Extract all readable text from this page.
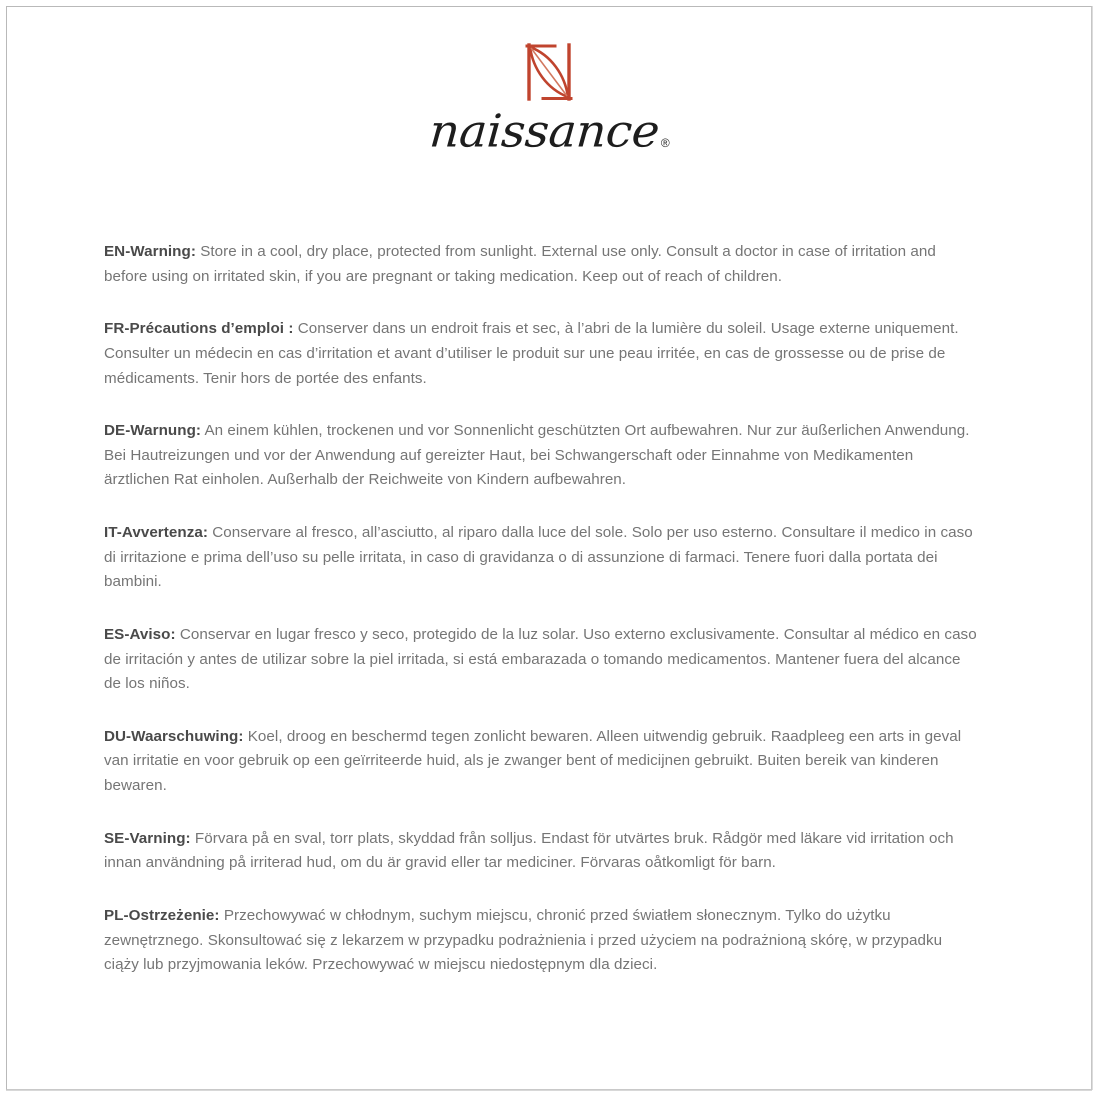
naissance ®

EN-Warning: Store in a cool, dry place, protected from sunlight. External use only. Consult a doctor in case of irritation and before using on irritated skin, if you are pregnant or taking medication. Keep out of reach of children.

FR-Précautions d’emploi : Conserver dans un endroit frais et sec, à l’abri de la lumière du soleil. Usage externe uniquement. Consulter un médecin en cas d’irritation et avant d’utiliser le produit sur une peau irritée, en cas de grossesse ou de prise de médicaments. Tenir hors de portée des enfants.

DE-Warnung: An einem kühlen, trockenen und vor Sonnenlicht geschützten Ort aufbewahren. Nur zur äußerlichen Anwendung. Bei Hautreizungen und vor der Anwendung auf gereizter Haut, bei Schwangerschaft oder Einnahme von Medikamenten ärztlichen Rat einholen. Außerhalb der Reichweite von Kindern aufbewahren.

IT-Avvertenza: Conservare al fresco, all’asciutto, al riparo dalla luce del sole. Solo per uso esterno. Consultare il medico in caso di irritazione e prima dell’uso su pelle irritata, in caso di gravidanza o di assunzione di farmaci. Tenere fuori dalla portata dei bambini.

ES-Aviso: Conservar en lugar fresco y seco, protegido de la luz solar. Uso externo exclusivamente. Consultar al médico en caso de irritación y antes de utilizar sobre la piel irritada, si está embarazada o tomando medicamentos. Mantener fuera del alcance de los niños.

DU-Waarschuwing: Koel, droog en beschermd tegen zonlicht bewaren. Alleen uitwendig gebruik. Raadpleeg een arts in geval van irritatie en voor gebruik op een geïrriteerde huid, als je zwanger bent of medicijnen gebruikt. Buiten bereik van kinderen bewaren.

SE-Varning: Förvara på en sval, torr plats, skyddad från solljus. Endast för utvärtes bruk. Rådgör med läkare vid irritation och innan användning på irriterad hud, om du är gravid eller tar mediciner. Förvaras oåtkomligt för barn.

PL-Ostrzeżenie: Przechowywać w chłodnym, suchym miejscu, chronić przed światłem słonecznym. Tylko do użytku zewnętrznego. Skonsultować się z lekarzem w przypadku podrażnienia i przed użyciem na podrażnioną skórę, w przypadku ciąży lub przyjmowania leków. Przechowywać w miejscu niedostępnym dla dzieci.
